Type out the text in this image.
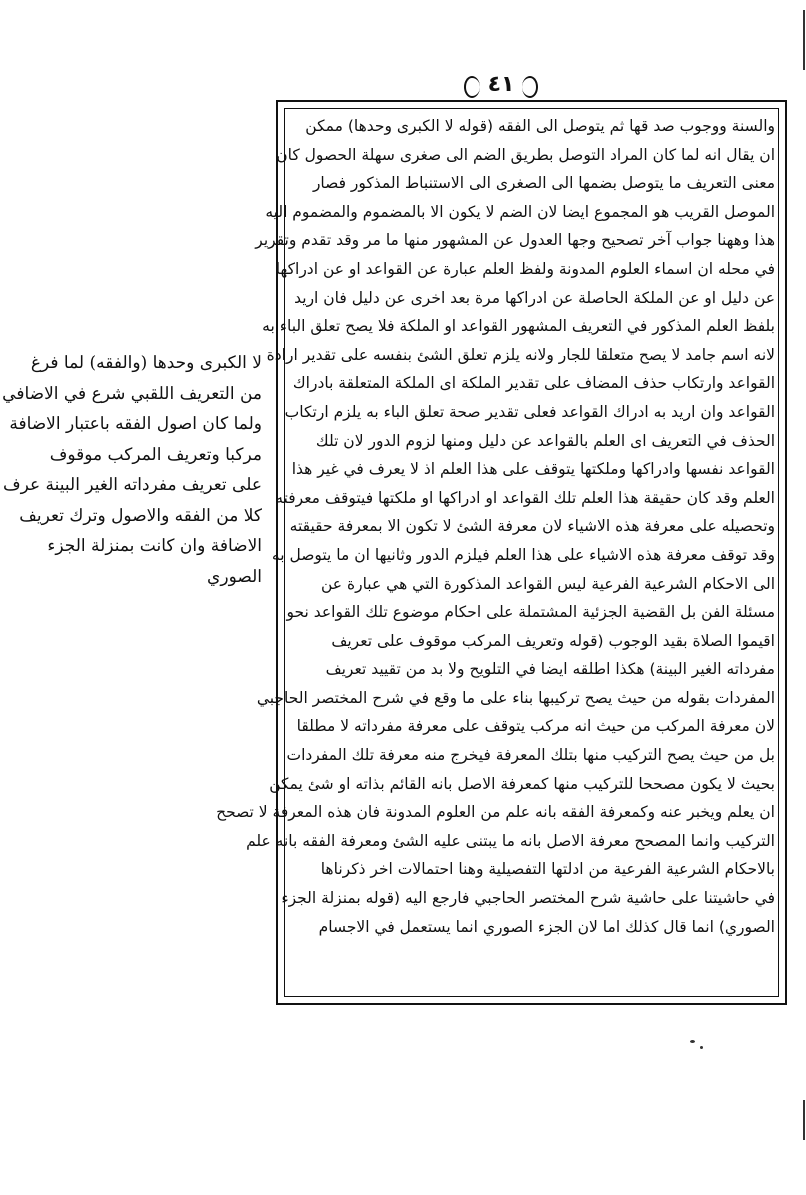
٤١
لا الكبرى وحدها (والفقه) لما فرغ
من التعريف اللقبي شرع في الاضافي
ولما كان اصول الفقه باعتبار الاضافة
مركبا وتعريف المركب موقوف
على تعريف مفرداته الغير البينة عرف
كلا من الفقه والاصول وترك تعريف
الاضافة وان كانت بمنزلة الجزء
الصوري
والسنة ووجوب صد قها ثم يتوصل الى الفقه (قوله لا الكبرى وحدها) ممكن
ان يقال انه لما كان المراد التوصل بطريق الضم الى صغرى سهلة الحصول كان
معنى التعريف ما يتوصل بضمها الى الصغرى الى الاستنباط المذكور فصار
الموصل القريب هو المجموع ايضا لان الضم لا يكون الا بالمضموم والمضموم اليه
هذا وههنا جواب آخر تصحيح وجها العدول عن المشهور منها ما مر وقد تقدم وتقرير
في محله ان اسماء العلوم المدونة ولفظ العلم عبارة عن القواعد او عن ادراكها
عن دليل او عن الملكة الحاصلة عن ادراكها مرة بعد اخرى عن دليل فان اريد
بلفظ العلم المذكور في التعريف المشهور القواعد او الملكة فلا يصح تعلق الباء به
لانه اسم جامد لا يصح متعلقا للجار ولانه يلزم تعلق الشئ بنفسه على تقدير ارادة
القواعد وارتكاب حذف المضاف على تقدير الملكة اى الملكة المتعلقة بادراك
القواعد وان اريد به ادراك القواعد فعلى تقدير صحة تعلق الباء به يلزم ارتكاب
الحذف في التعريف اى العلم بالقواعد عن دليل ومنها لزوم الدور لان تلك
القواعد نفسها وادراكها وملكتها يتوقف على هذا العلم اذ لا يعرف في غير هذا
العلم وقد كان حقيقة هذا العلم تلك القواعد او ادراكها او ملكتها فيتوقف معرفته
وتحصيله على معرفة هذه الاشياء لان معرفة الشئ لا تكون الا بمعرفة حقيقته
وقد توقف معرفة هذه الاشياء على هذا العلم فيلزم الدور وثانيها ان ما يتوصل به
الى الاحكام الشرعية الفرعية ليس القواعد المذكورة التي هي عبارة عن
مسئلة الفن بل القضية الجزئية المشتملة على احكام موضوع تلك القواعد نحو
اقيموا الصلاة بقيد الوجوب (قوله وتعريف المركب موقوف على تعريف
مفرداته الغير البينة) هكذا اطلقه ايضا في التلويح ولا بد من تقييد تعريف
المفردات بقوله من حيث يصح تركيبها بناء على ما وقع في شرح المختصر الحاجبي
لان معرفة المركب من حيث انه مركب يتوقف على معرفة مفرداته لا مطلقا
بل من حيث يصح التركيب منها بتلك المعرفة فيخرج منه معرفة تلك المفردات
بحيث لا يكون مصححا للتركيب منها كمعرفة الاصل بانه القائم بذاته او شئ يمكن
ان يعلم ويخبر عنه وكمعرفة الفقه بانه علم من العلوم المدونة فان هذه المعرفة لا تصحح
التركيب وانما المصحح معرفة الاصل بانه ما يبتنى عليه الشئ ومعرفة الفقه بانه علم
بالاحكام الشرعية الفرعية من ادلتها التفصيلية وهنا احتمالات اخر ذكرناها
في حاشيتنا على حاشية شرح المختصر الحاجبي فارجع اليه (قوله بمنزلة الجزء
الصوري) انما قال كذلك اما لان الجزء الصوري انما يستعمل في الاجسام
